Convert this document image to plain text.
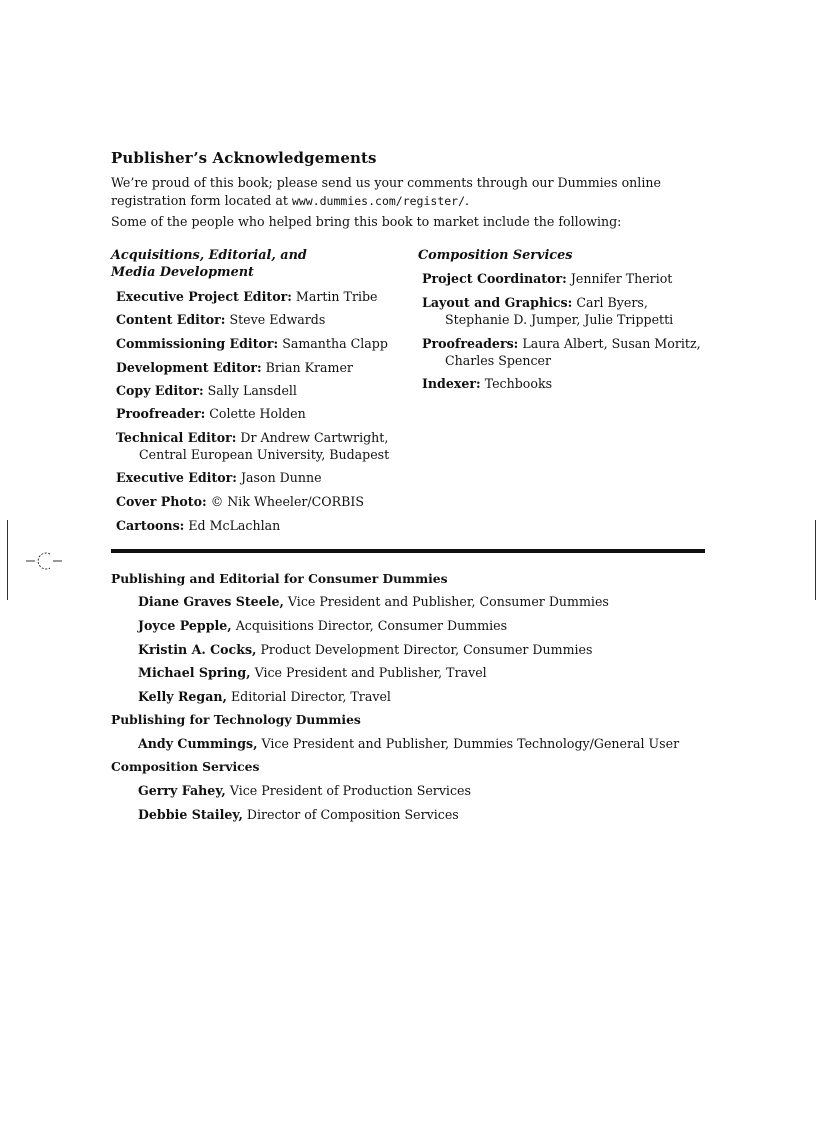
Publisher’s Acknowledgements
We’re proud of this book; please send us your comments through our Dummies online registration form located at www.dummies.com/register/.
Some of the people who helped bring this book to market include the following:
Acquisitions, Editorial, and
Media Development
Executive Project Editor: Martin Tribe
Content Editor: Steve Edwards
Commissioning Editor: Samantha Clapp
Development Editor: Brian Kramer
Copy Editor: Sally Lansdell
Proofreader: Colette Holden
Technical Editor: Dr Andrew Cartwright,
Central European University, Budapest
Executive Editor: Jason Dunne
Cover Photo: © Nik Wheeler/CORBIS
Cartoons: Ed McLachlan
Composition Services
Project Coordinator: Jennifer Theriot
Layout and Graphics: Carl Byers,
Stephanie D. Jumper, Julie Trippetti
Proofreaders: Laura Albert, Susan Moritz,
Charles Spencer
Indexer: Techbooks
Publishing and Editorial for Consumer Dummies
Diane Graves Steele, Vice President and Publisher, Consumer Dummies
Joyce Pepple, Acquisitions Director, Consumer Dummies
Kristin A. Cocks, Product Development Director, Consumer Dummies
Michael Spring, Vice President and Publisher, Travel
Kelly Regan, Editorial Director, Travel
Publishing for Technology Dummies
Andy Cummings, Vice President and Publisher, Dummies Technology/General User
Composition Services
Gerry Fahey, Vice President of Production Services
Debbie Stailey, Director of Composition Services
